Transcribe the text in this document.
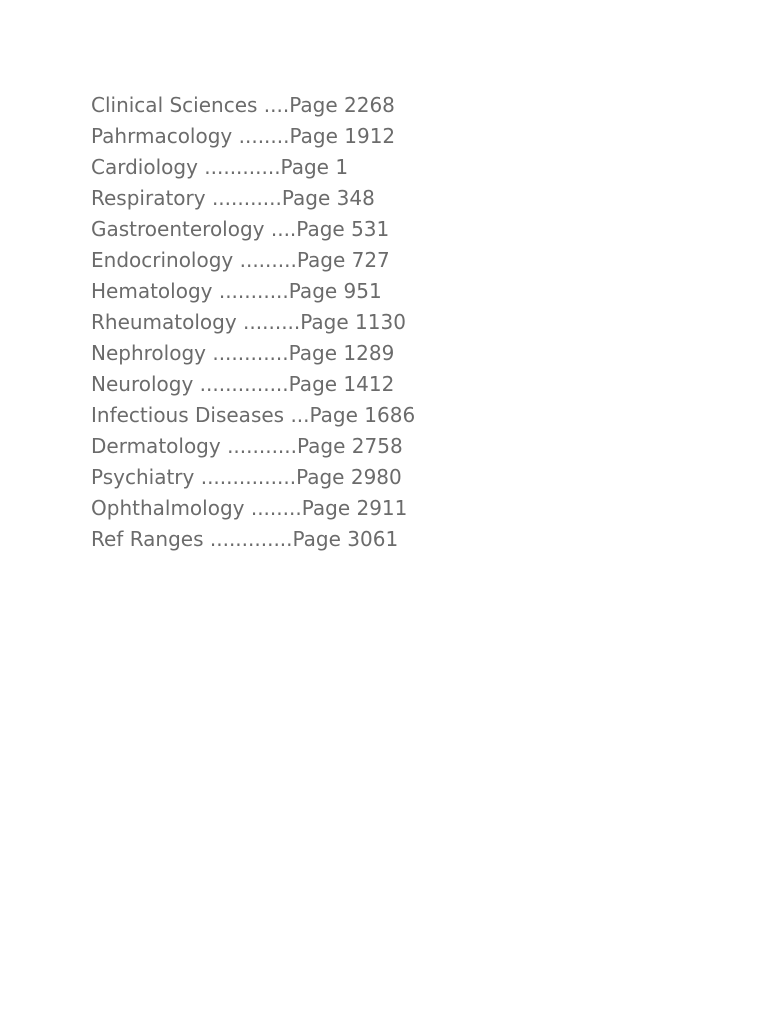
Clinical Sciences ....Page 2268
Pahrmacology ........Page 1912
Cardiology ............Page 1
Respiratory ...........Page 348
Gastroenterology ....Page 531
Endocrinology .........Page 727
Hematology ...........Page 951
Rheumatology .........Page 1130
Nephrology ............Page 1289
Neurology ..............Page 1412
Infectious Diseases ...Page 1686
Dermatology ...........Page 2758
Psychiatry ...............Page 2980
Ophthalmology ........Page 2911
Ref Ranges .............Page 3061
